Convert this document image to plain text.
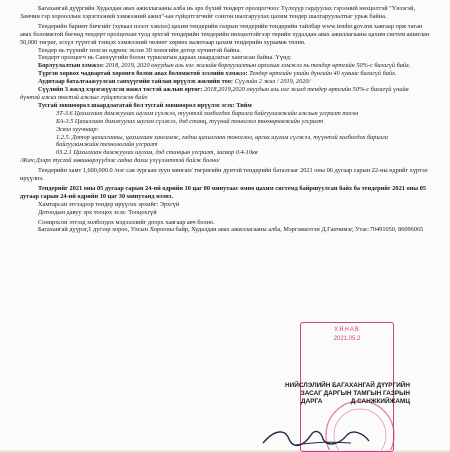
Багахангай дүүргийн Худалдан авах ажиллагааны алба нь эрх бүхий тендерт оролцогчоос Түлхүүр гардуулах гэрээний нөхцөлтэй "Үнзэгэй, Замчин гэр хорооллын хэрэглээний хэмжээний ажил"-ын гүйцэтгэгчийг сонгон шалгаруулах цахим тендер шалгаруулалтыг урьж байна.

Тендерийн баримт бичгийг (хуваал нээлт хэвлэл) цахим тендерийн газрын тендерийн тендерийн тайлбар www.tender.gov.mn хаягаар орж татан авах боломжтой бөгөөд тендерт оролцохын тулд эрхтэй тендерийн тендерийн нөхцөлтэйгээр төрийн худалдан авах ажиллагааны цахим систем ашиглан 50,000 төгрөг, эсхүл түүнтэй тэнцэх хэмжээний чөлөөт хөрвөх валютаар цахим тендерийн хураамж төлнө.

Тендер нь түүнийг нээсэн өдрөөс эхлэн 30 хоногийн дотор хүчинтэй байна.

Тендерт оролцогч нь Санхүүгийн болон туршлагын дараах шаардлагыг хангасан байна. Үүнд:

Борлуулалтын хэмжээ: 2018, 2019, 2020 онуудын аль нэг жилийн борлуулалтын орлогын хэмжээ нь тендер өртгийн 50%-с багагүй байх.

Түргэн хөрвөх чадвартай хөрөнгө болон авах боломжтой зээлийн хэмжээ: Тендер өртгийн үнийн дүнгийн 40 хувиас багагүй байх.

Аудитаар баталгаажуулсан санхүүгийн тайлан ирүүлэх жилийн тоо: Сүүлийн 2 жил / 2019, 2020/

Сүүлийн 3 жилд хэрэгжүүлсэн ижил төстэй ажлын өртөг: 2018,2019,2020 онуудын аль нэг жилд тендер өртгийн 50%-с багагүй үнийн дүнтэй ижил төстэй ажлыг гүйцэтгэсэн байх

Тусгай зөвшөөрөл шаардлагатай бол тусгай зөвшөөрөл ирүүлэх эсэх: Тийм

ЗТ-3.6 Цахилгаан дамжуулах шугам сүлжээ, түүнтэй холбогдох барилга байгууламжийн ажлын угсралт тесөл

БА-3.5 Цахилгаан дамжуулах шугам сүлжээ, дэд станц, түүний тоноглол төхөөрөмжийн угсралт

Эсвэл хуучнаар:

1.2.5. Дотор цахилгааны, цахилгаан хангамж, гадна цахилгаан тоноглол, өргөх шугам сүлжээ, түүнтэй холбогдох барилга байгууламжийн технологийн угсралт

03.2.1 Цахилгаан дамжуулах шугам, дэд станцын угсралт, засвар 0.4-10кв

/Жич:Дээрх тусгай зөвшөөрлүүдээс гадна дахш үзүүлэлттэй байж болно/

Тендерийн хамт 1,600,000.0 /нэг сая зургаан зуун мянган/ төгрөгийн дүнтэй тендерийн баталгааг 2021 оны 06 дугаар сарын 22-ны өдрийг хүртэл ирүүлнэ.

Тендерийг 2021 оны 05 дугаар сарын 24-нй өдрийн 10 цаг 00 минутаас өмнө цахим системд байршуулсан байх ба тендерийг 2021 оны 05 дугаар сарын 24-нй өдрийн 10 цаг 30 минутанд нээнэ.

Хамтарсан этгээдээр тендер ирүүлэх эрхийг: Эрхгүй

Дотоодын давуу эрх тооцох эсэх: Тооцохгүй

Сонирхсон этгээд холбогдох мэдээллийг доорх хаягаар авч болно.

Багахангай дүүрэг,1 дүгээр хороо, Улсын Хорооны байр, Худалдан авах ажиллагааны алба, Мэргэжилтэн Д.Ганчимэг, Утас:70491050, 86096065

ХЯНАВ
2021.05.2

НИЙСЛЭЛИЙН БАГАХАНГАЙ ДҮҮРГИЙН

ЗАСАГ ДАРГЫН ТАМГЫН ГАЗРЫН

ДАРГА	Д.САНЖКИЙЖАМЦ
